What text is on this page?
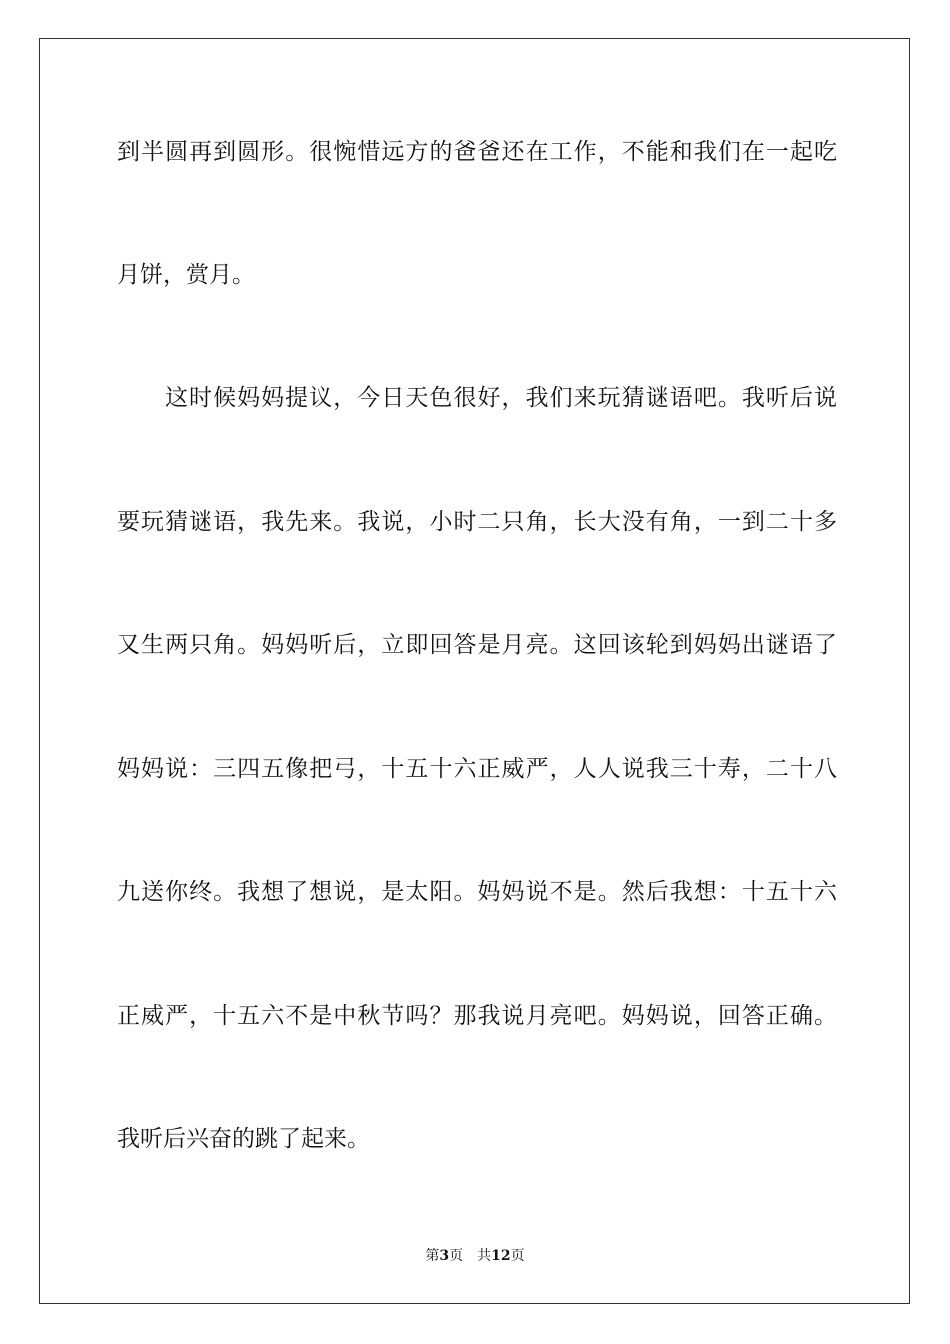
到半圆再到圆形。很惋惜远方的爸爸还在工作，不能和我们在一起吃
月饼，赏月。
这时候妈妈提议，今日天色很好，我们来玩猜谜语吧。我听后说
要玩猜谜语，我先来。我说，小时二只角，长大没有角，一到二十多
又生两只角。妈妈听后，立即回答是月亮。这回该轮到妈妈出谜语了
妈妈说：三四五像把弓，十五十六正威严，人人说我三十寿，二十八
九送你终。我想了想说，是太阳。妈妈说不是。然后我想：十五十六
正威严，十五六不是中秋节吗？那我说月亮吧。妈妈说，回答正确。
我听后兴奋的跳了起来。
第3页 共12页
